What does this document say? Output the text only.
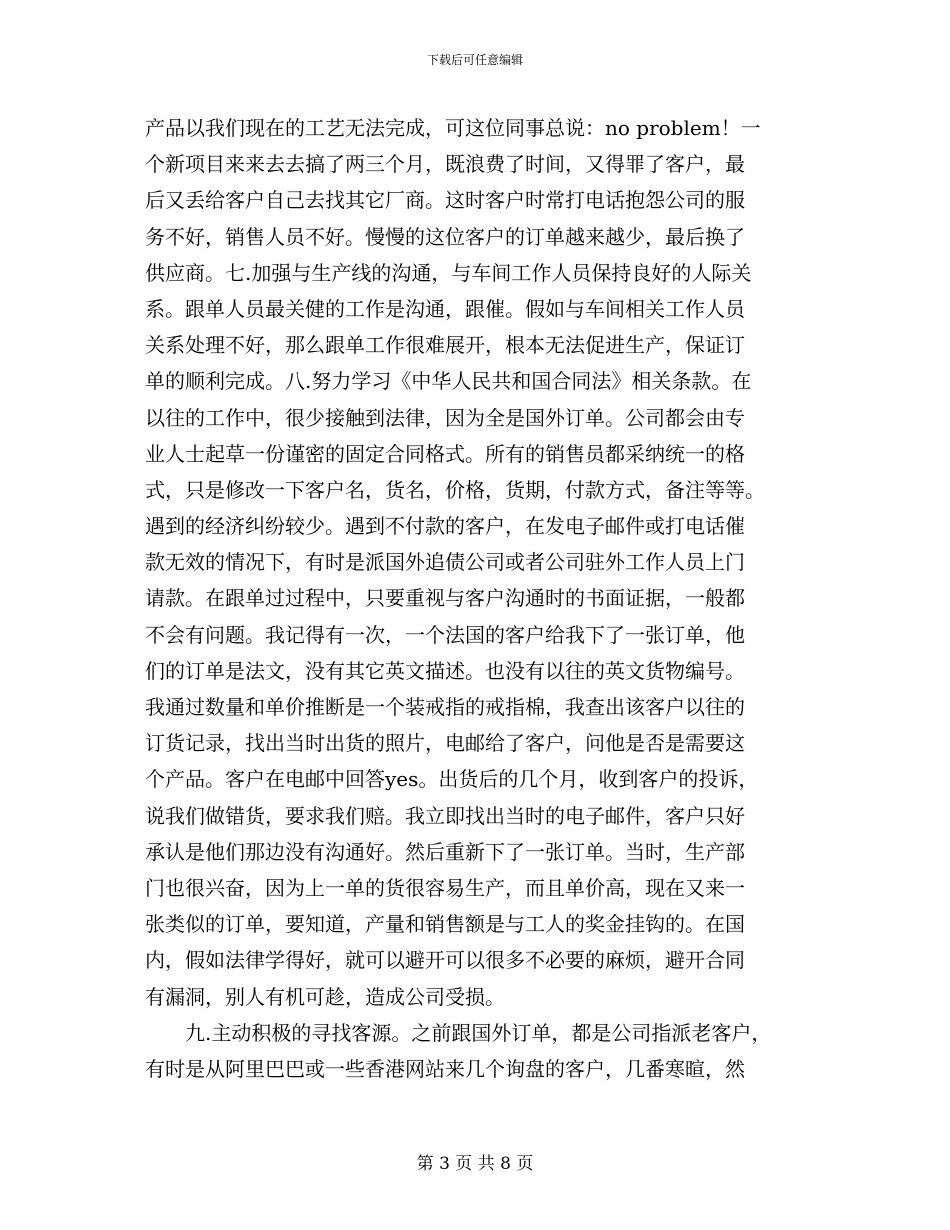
下载后可任意编辑
产品以我们现在的工艺无法完成，可这位同事总说：no problem！一
个新项目来来去去搞了两三个月，既浪费了时间，又得罪了客户，最
后又丢给客户自己去找其它厂商。这时客户时常打电话抱怨公司的服
务不好，销售人员不好。慢慢的这位客户的订单越来越少，最后换了
供应商。七.加强与生产线的沟通，与车间工作人员保持良好的人际关
系。跟单人员最关健的工作是沟通，跟催。假如与车间相关工作人员
关系处理不好，那么跟单工作很难展开，根本无法促进生产，保证订
单的顺利完成。八.努力学习《中华人民共和国合同法》相关条款。在
以往的工作中，很少接触到法律，因为全是国外订单。公司都会由专
业人士起草一份谨密的固定合同格式。所有的销售员都采纳统一的格
式，只是修改一下客户名，货名，价格，货期，付款方式，备注等等。
遇到的经济纠纷较少。遇到不付款的客户，在发电子邮件或打电话催
款无效的情况下，有时是派国外追债公司或者公司驻外工作人员上门
请款。在跟单过过程中，只要重视与客户沟通时的书面证据，一般都
不会有问题。我记得有一次，一个法国的客户给我下了一张订单，他
们的订单是法文，没有其它英文描述。也没有以往的英文货物编号。
我通过数量和单价推断是一个装戒指的戒指棉，我查出该客户以往的
订货记录，找出当时出货的照片，电邮给了客户，问他是否是需要这
个产品。客户在电邮中回答yes。出货后的几个月，收到客户的投诉，
说我们做错货，要求我们赔。我立即找出当时的电子邮件，客户只好
承认是他们那边没有沟通好。然后重新下了一张订单。当时，生产部
门也很兴奋，因为上一单的货很容易生产，而且单价高，现在又来一
张类似的订单，要知道，产量和销售额是与工人的奖金挂钩的。在国
内，假如法律学得好，就可以避开可以很多不必要的麻烦，避开合同
有漏洞，别人有机可趁，造成公司受损。
九.主动积极的寻找客源。之前跟国外订单，都是公司指派老客户，
有时是从阿里巴巴或一些香港网站来几个询盘的客户，几番寒暄，然
第 3 页 共 8 页
